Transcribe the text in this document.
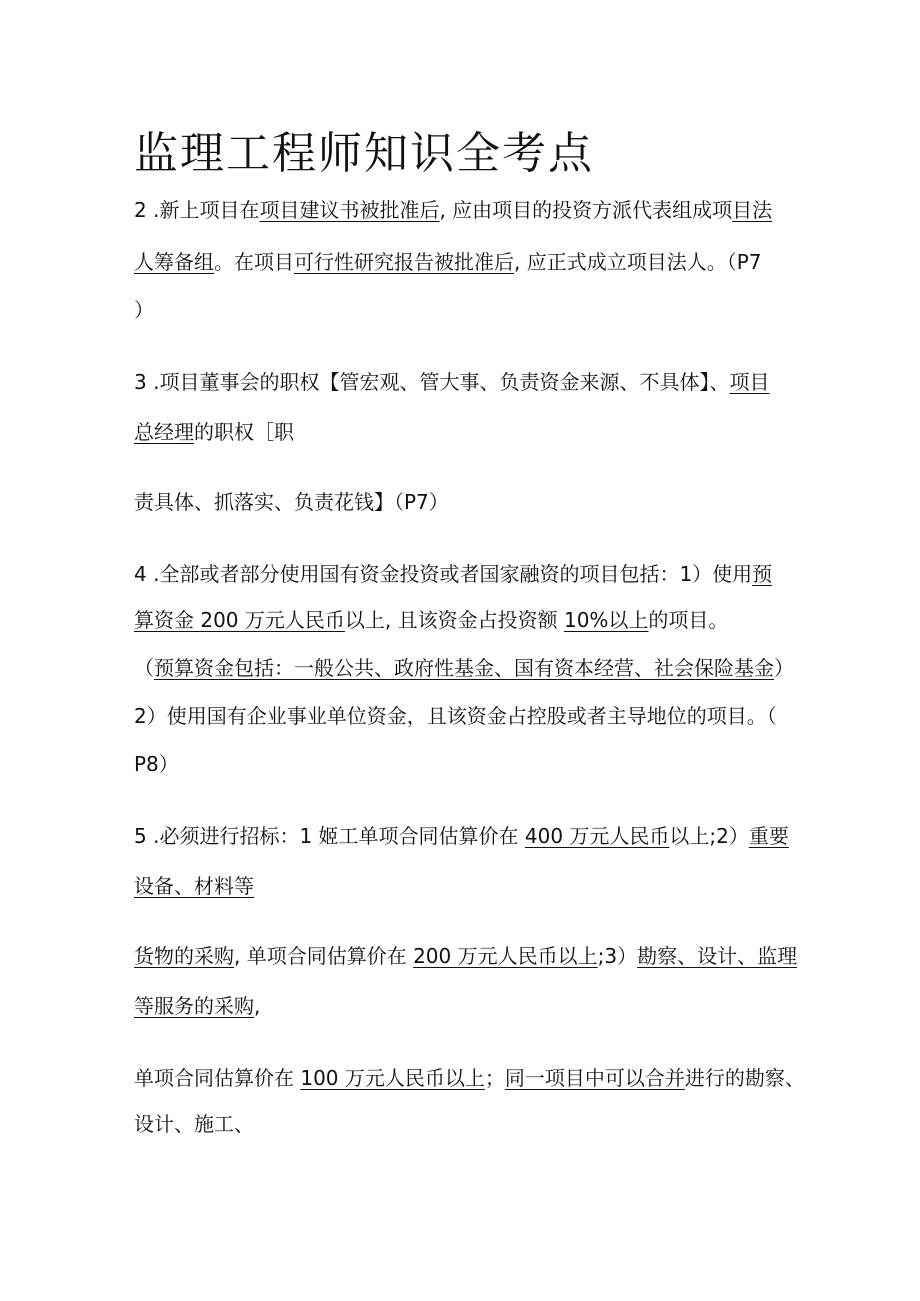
监理工程师知识全考点

2 .新上项目在项目建议书被批准后, 应由项目的投资方派代表组成项目法

人筹备组。在项目可行性研究报告被批准后, 应正式成立项目法人。（P7

）

3 .项目董事会的职权【管宏观、管大事、负责资金来源、不具体】、项目

总经理的职权［职

责具体、抓落实、负责花钱】（P7）

4 .全部或者部分使用国有资金投资或者国家融资的项目包括：1）使用预

算资金 200 万元人民币以上, 且该资金占投资额 10%以上的项目。

（预算资金包括：一般公共、政府性基金、国有资本经营、社会保险基金）

2）使用国有企业事业单位资金，且该资金占控股或者主导地位的项目。（

P8）

5 .必须进行招标：1 姬工单项合同估算价在 400 万元人民币以上;2）重要

设备、材料等

货物的采购, 单项合同估算价在 200 万元人民币以上;3）勘察、设计、监理

等服务的采购,

单项合同估算价在 100 万元人民币以上；同一项目中可以合并进行的勘察、

设计、施工、
